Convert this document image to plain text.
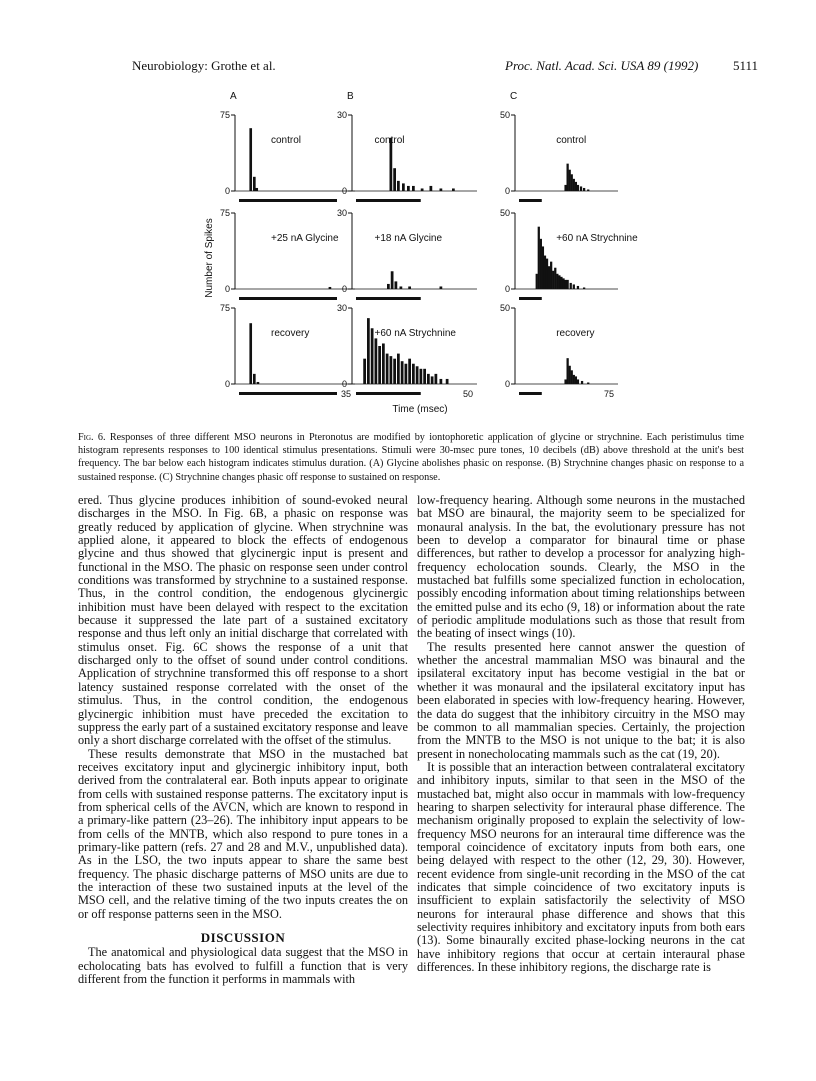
Neurobiology: Grothe et al.	Proc. Natl. Acad. Sci. USA 89 (1992)	5111
A	B	C
75
0
control
75
0
+25 nA Glycine
75
0
recovery
30
0
control
30
0
+18 nA Glycine
30
0
+60 nA Strychnine
50
0
control
50
0
+60 nA Strychnine
50
0
recovery
35	50	75
Number of Spikes
Time (msec)
Fig. 6. Responses of three different MSO neurons in Pteronotus are modified by iontophoretic application of glycine or strychnine. Each peristimulus time histogram represents responses to 100 identical stimulus presentations. Stimuli were 30-msec pure tones, 10 decibels (dB) above threshold at the unit's best frequency. The bar below each histogram indicates stimulus duration. (A) Glycine abolishes phasic on response. (B) Strychnine changes phasic on response to a sustained response. (C) Strychnine changes phasic off response to sustained on response.

ered. Thus glycine produces inhibition of sound-evoked neural discharges in the MSO. In Fig. 6B, a phasic on response was greatly reduced by application of glycine. When strychnine was applied alone, it appeared to block the effects of endogenous glycine and thus showed that glycinergic input is present and functional in the MSO. The phasic on response seen under control conditions was transformed by strychnine to a sustained response. Thus, in the control condition, the endogenous glycinergic inhibition must have been delayed with respect to the excitation because it suppressed the late part of a sustained excitatory response and thus left only an initial discharge that correlated with stimulus onset. Fig. 6C shows the response of a unit that discharged only to the offset of sound under control conditions. Application of strychnine transformed this off response to a short latency sustained response correlated with the onset of the stimulus. Thus, in the control condition, the endogenous glycinergic inhibition must have preceded the excitation to suppress the early part of a sustained excitatory response and leave only a short discharge correlated with the offset of the stimulus.

These results demonstrate that MSO in the mustached bat receives excitatory input and glycinergic inhibitory input, both derived from the contralateral ear. Both inputs appear to originate from cells with sustained response patterns. The excitatory input is from spherical cells of the AVCN, which are known to respond in a primary-like pattern (23–26). The inhibitory input appears to be from cells of the MNTB, which also respond to pure tones in a primary-like pattern (refs. 27 and 28 and M.V., unpublished data). As in the LSO, the two inputs appear to share the same best frequency. The phasic discharge patterns of MSO units are due to the interaction of these two sustained inputs at the level of the MSO cell, and the relative timing of the two inputs creates the on or off response patterns seen in the MSO.

DISCUSSION

The anatomical and physiological data suggest that the MSO in echolocating bats has evolved to fulfill a function that is very different from the function it performs in mammals with

low-frequency hearing. Although some neurons in the mustached bat MSO are binaural, the majority seem to be specialized for monaural analysis. In the bat, the evolutionary pressure has not been to develop a comparator for binaural time or phase differences, but rather to develop a processor for analyzing high-frequency echolocation sounds. Clearly, the MSO in the mustached bat fulfills some specialized function in echolocation, possibly encoding information about timing relationships between the emitted pulse and its echo (9, 18) or information about the rate of periodic amplitude modulations such as those that result from the beating of insect wings (10).

The results presented here cannot answer the question of whether the ancestral mammalian MSO was binaural and the ipsilateral excitatory input has become vestigial in the bat or whether it was monaural and the ipsilateral excitatory input has been elaborated in species with low-frequency hearing. However, the data do suggest that the inhibitory circuitry in the MSO may be common to all mammalian species. Certainly, the projection from the MNTB to the MSO is not unique to the bat; it is also present in nonecholocating mammals such as the cat (19, 20).

It is possible that an interaction between contralateral excitatory and inhibitory inputs, similar to that seen in the MSO of the mustached bat, might also occur in mammals with low-frequency hearing to sharpen selectivity for interaural phase difference. The mechanism originally proposed to explain the selectivity of low-frequency MSO neurons for an interaural time difference was the temporal coincidence of excitatory inputs from both ears, one being delayed with respect to the other (12, 29, 30). However, recent evidence from single-unit recording in the MSO of the cat indicates that simple coincidence of two excitatory inputs is insufficient to explain satisfactorily the selectivity of MSO neurons for interaural phase difference and shows that this selectivity requires inhibitory and excitatory inputs from both ears (13). Some binaurally excited phase-locking neurons in the cat have inhibitory regions that occur at certain interaural phase differences. In these inhibitory regions, the discharge rate is
